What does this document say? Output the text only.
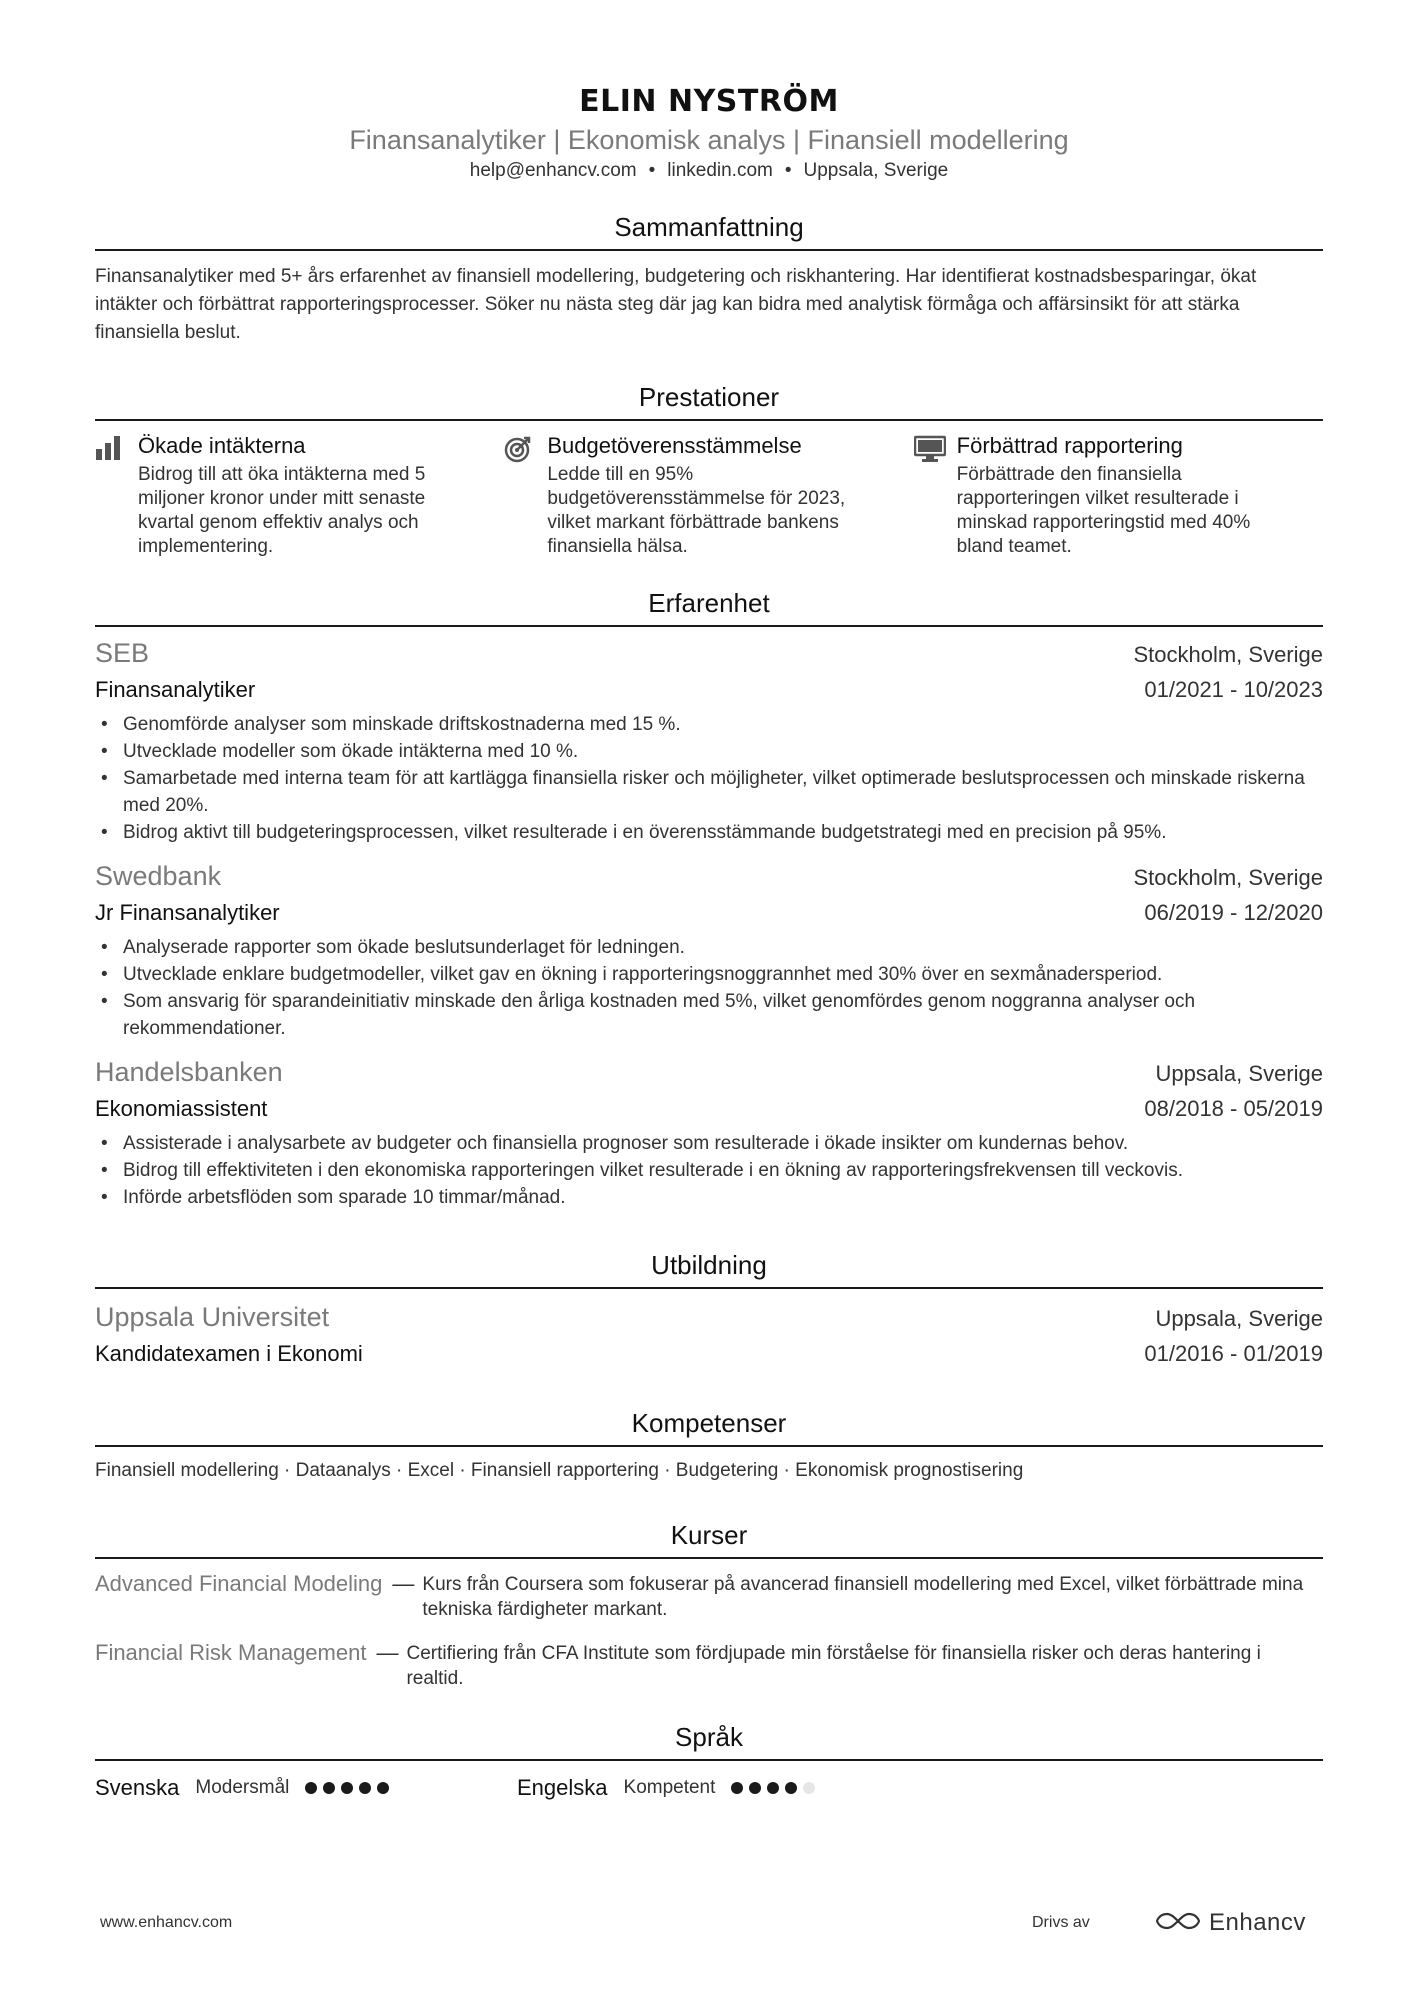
ELIN NYSTRÖM
Finansanalytiker | Ekonomisk analys | Finansiell modellering
help@enhancv.com • linkedin.com • Uppsala, Sverige
Sammanfattning
Finansanalytiker med 5+ års erfarenhet av finansiell modellering, budgetering och riskhantering. Har identifierat kostnadsbesparingar, ökat intäkter och förbättrat rapporteringsprocesser. Söker nu nästa steg där jag kan bidra med analytisk förmåga och affärsinsikt för att stärka finansiella beslut.
Prestationer
Ökade intäkterna
Bidrog till att öka intäkterna med 5 miljoner kronor under mitt senaste kvartal genom effektiv analys och implementering.
Budgetöverensstämmelse
Ledde till en 95% budgetöverensstämmelse för 2023, vilket markant förbättrade bankens finansiella hälsa.
Förbättrad rapportering
Förbättrade den finansiella rapporteringen vilket resulterade i minskad rapporteringstid med 40% bland teamet.
Erfarenhet
SEB	Stockholm, Sverige
Finansanalytiker	01/2021 - 10/2023
• Genomförde analyser som minskade driftskostnaderna med 15 %.
• Utvecklade modeller som ökade intäkterna med 10 %.
• Samarbetade med interna team för att kartlägga finansiella risker och möjligheter, vilket optimerade beslutsprocessen och minskade riskerna med 20%.
• Bidrog aktivt till budgeteringsprocessen, vilket resulterade i en överensstämmande budgetstrategi med en precision på 95%.
Swedbank	Stockholm, Sverige
Jr Finansanalytiker	06/2019 - 12/2020
• Analyserade rapporter som ökade beslutsunderlaget för ledningen.
• Utvecklade enklare budgetmodeller, vilket gav en ökning i rapporteringsnoggrannhet med 30% över en sexmånadersperiod.
• Som ansvarig för sparandeinitiativ minskade den årliga kostnaden med 5%, vilket genomfördes genom noggranna analyser och rekommendationer.
Handelsbanken	Uppsala, Sverige
Ekonomiassistent	08/2018 - 05/2019
• Assisterade i analysarbete av budgeter och finansiella prognoser som resulterade i ökade insikter om kundernas behov.
• Bidrog till effektiviteten i den ekonomiska rapporteringen vilket resulterade i en ökning av rapporteringsfrekvensen till veckovis.
• Införde arbetsflöden som sparade 10 timmar/månad.
Utbildning
Uppsala Universitet	Uppsala, Sverige
Kandidatexamen i Ekonomi	01/2016 - 01/2019
Kompetenser
Finansiell modellering · Dataanalys · Excel · Finansiell rapportering · Budgetering · Ekonomisk prognostisering
Kurser
Advanced Financial Modeling — Kurs från Coursera som fokuserar på avancerad finansiell modellering med Excel, vilket förbättrade mina tekniska färdigheter markant.
Financial Risk Management — Certifiering från CFA Institute som fördjupade min förståelse för finansiella risker och deras hantering i realtid.
Språk
Svenska Modersmål	Engelska Kompetent
www.enhancv.com	Drivs av	Enhancv
